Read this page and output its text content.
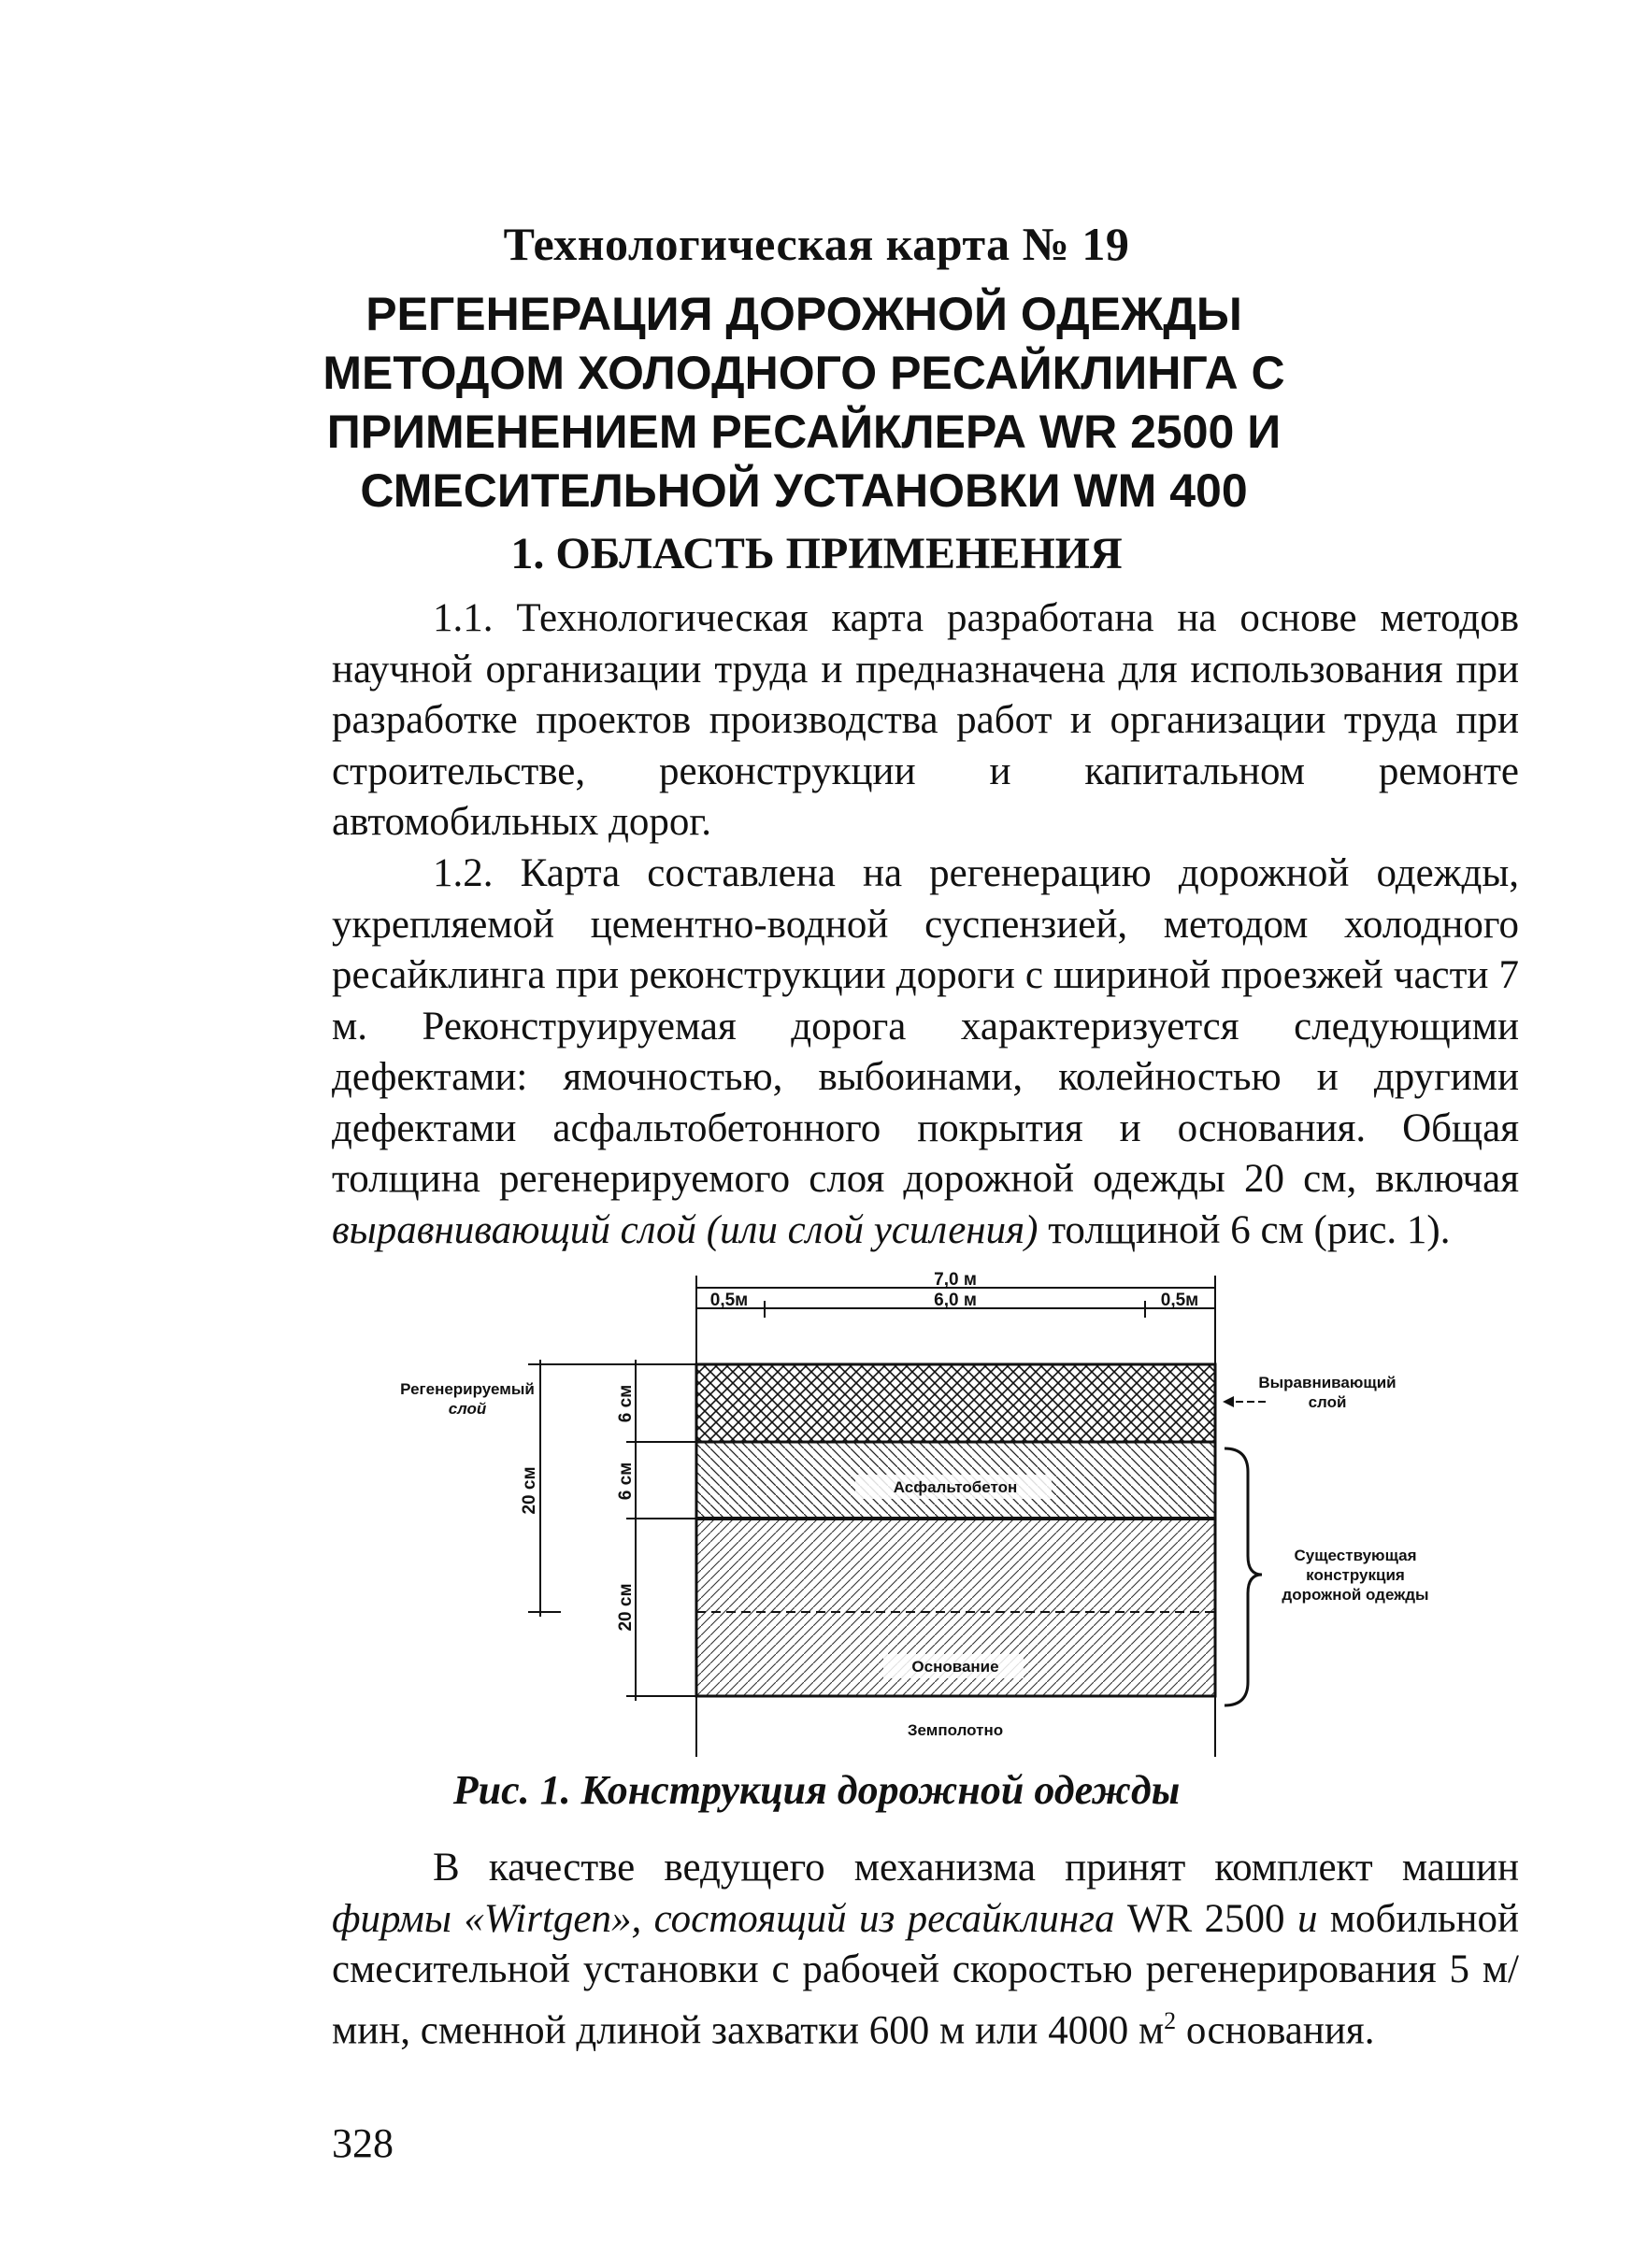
Технологическая карта № 19
РЕГЕНЕРАЦИЯ ДОРОЖНОЙ ОДЕЖДЫ МЕТОДОМ ХОЛОДНОГО РЕСАЙКЛИНГА С ПРИМЕНЕНИЕМ РЕСАЙКЛЕРА WR 2500 И СМЕСИТЕЛЬНОЙ УСТАНОВКИ WM 400
1. ОБЛАСТЬ ПРИМЕНЕНИЯ
1.1. Технологическая карта разработана на основе методов научной организации труда и предназначена для использования при разработке проектов производства работ и организации труда при строительстве, реконструкции и капитальном ремонте автомобильных дорог.
1.2. Карта составлена на регенерацию дорожной одежды, укрепляемой цементно-водной суспензией, методом холодного ресайклинга при реконструкции дороги с шириной проезжей части 7 м. Реконструируемая дорога характеризуется следующими дефектами: ямочностью, выбоинами, колейностью и другими дефектами асфальтобетонного покрытия и основания. Общая толщина регенерируемого слоя дорожной одежды 20 см, включая выравнивающий слой (или слой усиления) толщиной 6 см (рис. 1).
7,0 м
0,5м	6,0 м	0,5м
Асфальтобетон
Основание
Земполотно
20 см
6 см
6 см
20 см
Регенерируемый
слой
Выравнивающий
слой
Существующая
конструкция
дорожной одежды
Рис. 1. Конструкция дорожной одежды
В качестве ведущего механизма принят комплект машин фирмы «Wirtgen», состоящий из ресайклинга WR 2500 и мобильной смесительной установки с рабочей скоростью регенерирования 5 м/мин, сменной длиной захватки 600 м или 4000 $м^2$ основания.
328
